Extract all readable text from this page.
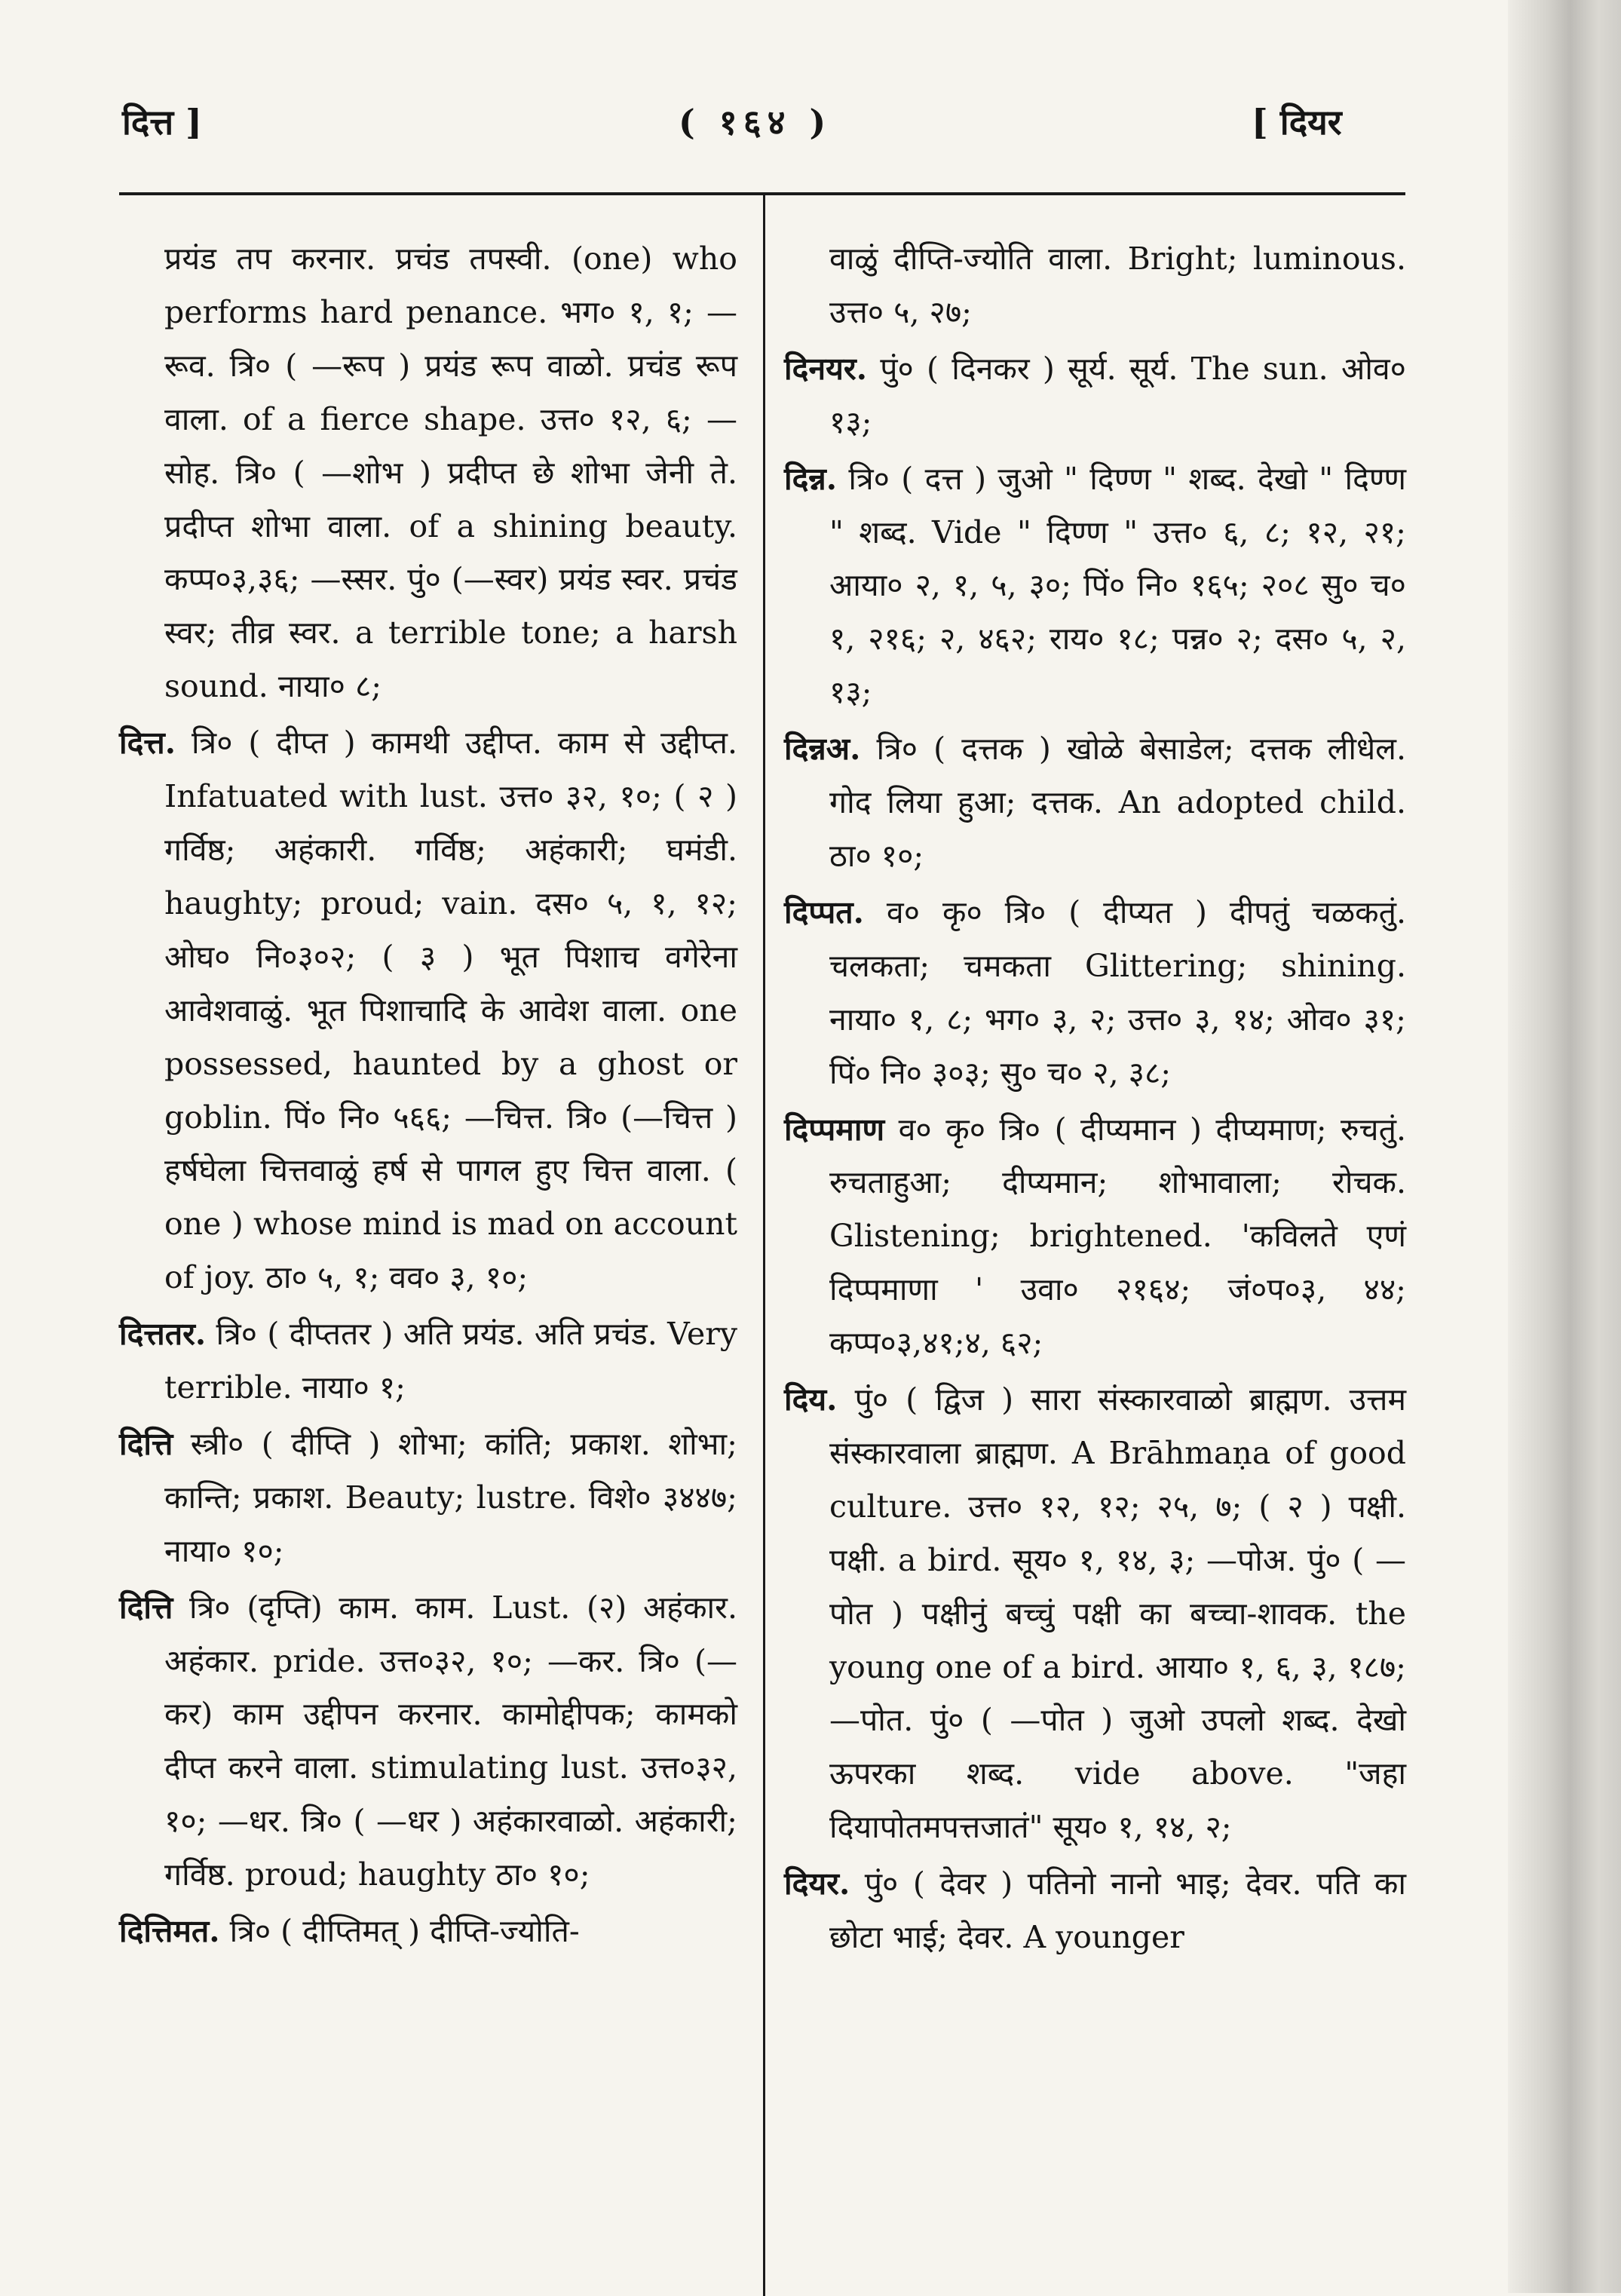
दित्त ]	( १६४ )	[ दियर

प्रयंड तप करनार. प्रचंड तपस्वी. (one) who performs hard penance. भग० १, १; —रूव. त्रि० ( —रूप ) प्रयंड रूप वाळो. प्रचंड रूप वाला. of a fierce shape. उत्त० १२, ६; —सोह. त्रि० ( —शोभ ) प्रदीप्त छे शोभा जेनी ते. प्रदीप्त शोभा वाला. of a shining beauty. कप्प०३,३६; —स्सर. पुं० (—स्वर) प्रयंड स्वर. प्रचंड स्वर; तीव्र स्वर. a terrible tone; a harsh sound. नाया० ८;

दित्त. त्रि० ( दीप्त ) कामथी उद्दीप्त. काम से उद्दीप्त. Infatuated with lust. उत्त० ३२, १०; ( २ ) गर्विष्ठ; अहंकारी. गर्विष्ठ; अहंकारी; घमंडी. haughty; proud; vain. दस० ५, १, १२; ओघ० नि०३०२; ( ३ ) भूत पिशाच वगेरेना आवेशवाळुं. भूत पिशाचादि के आवेश वाला. one possessed, haunted by a ghost or goblin. पिं० नि० ५६६; —चित्त. त्रि० (—चित्त ) हर्षघेला चित्तवाळुं हर्ष से पागल हुए चित्त वाला. ( one ) whose mind is mad on account of joy. ठा० ५, १; वव० ३, १०;

दित्ततर. त्रि० ( दीप्ततर ) अति प्रयंड. अति प्रचंड. Very terrible. नाया० १;

दित्ति स्त्री० ( दीप्ति ) शोभा; कांति; प्रकाश. शोभा; कान्ति; प्रकाश. Beauty; lustre. विशे० ३४४७; नाया० १०;

दित्ति त्रि० (दृप्ति) काम. काम. Lust. (२) अहंकार. अहंकार. pride. उत्त०३२, १०; —कर. त्रि० (—कर) काम उद्दीपन करनार. कामोद्दीपक; कामको दीप्त करने वाला. stimulating lust. उत्त०३२, १०; —धर. त्रि० ( —धर ) अहंकारवाळो. अहंकारी; गर्विष्ठ. proud; haughty ठा० १०;

दित्तिमत. त्रि० ( दीप्तिमत् ) दीप्ति-ज्योति-

वाळुं दीप्ति-ज्योति वाला. Bright; luminous. उत्त० ५, २७;

दिनयर. पुं० ( दिनकर ) सूर्य. सूर्य. The sun. ओव० १३;

दिन्न. त्रि० ( दत्त ) जुओ " दिण्ण " शब्द. देखो " दिण्ण " शब्द. Vide " दिण्ण " उत्त० ६, ८; १२, २१; आया० २, १, ५, ३०; पिं० नि० १६५; २०८ सु० च० १, २१६; २, ४६२; राय० १८; पन्न० २; दस० ५, २, १३;

दिन्नअ. त्रि० ( दत्तक ) खोळे बेसाडेल; दत्तक लीधेल. गोद लिया हुआ; दत्तक. An adopted child. ठा० १०;

दिप्पत. व० कृ० त्रि० ( दीप्यत ) दीपतुं चळकतुं. चलकता; चमकता Glittering; shining. नाया० १, ८; भग० ३, २; उत्त० ३, १४; ओव० ३१; पिं० नि० ३०३; सु० च० २, ३८;

दिप्पमाण व० कृ० त्रि० ( दीप्यमान ) दीप्यमाण; रुचतुं. रुचताहुआ; दीप्यमान; शोभावाला; रोचक. Glistening; brightened. 'कविलते एणं दिप्पमाणा ' उवा० २१६४; जं०प०३, ४४; कप्प०३,४१;४, ६२;

दिय. पुं० ( द्विज ) सारा संस्कारवाळो ब्राह्मण. उत्तम संस्कारवाला ब्राह्मण. A Brāhmaṇa of good culture. उत्त० १२, १२; २५, ७; ( २ ) पक्षी. पक्षी. a bird. सूय० १, १४, ३; —पोअ. पुं० ( —पोत ) पक्षीनुं बच्चुं पक्षी का बच्चा-शावक. the young one of a bird. आया० १, ६, ३, १८७; —पोत. पुं० ( —पोत ) जुओ उपलो शब्द. देखो ऊपरका शब्द. vide above. "जहा दियापोतमपत्तजातं" सूय० १, १४, २;

दियर. पुं० ( देवर ) पतिनो नानो भाइ; देवर. पति का छोटा भाई; देवर. A younger
